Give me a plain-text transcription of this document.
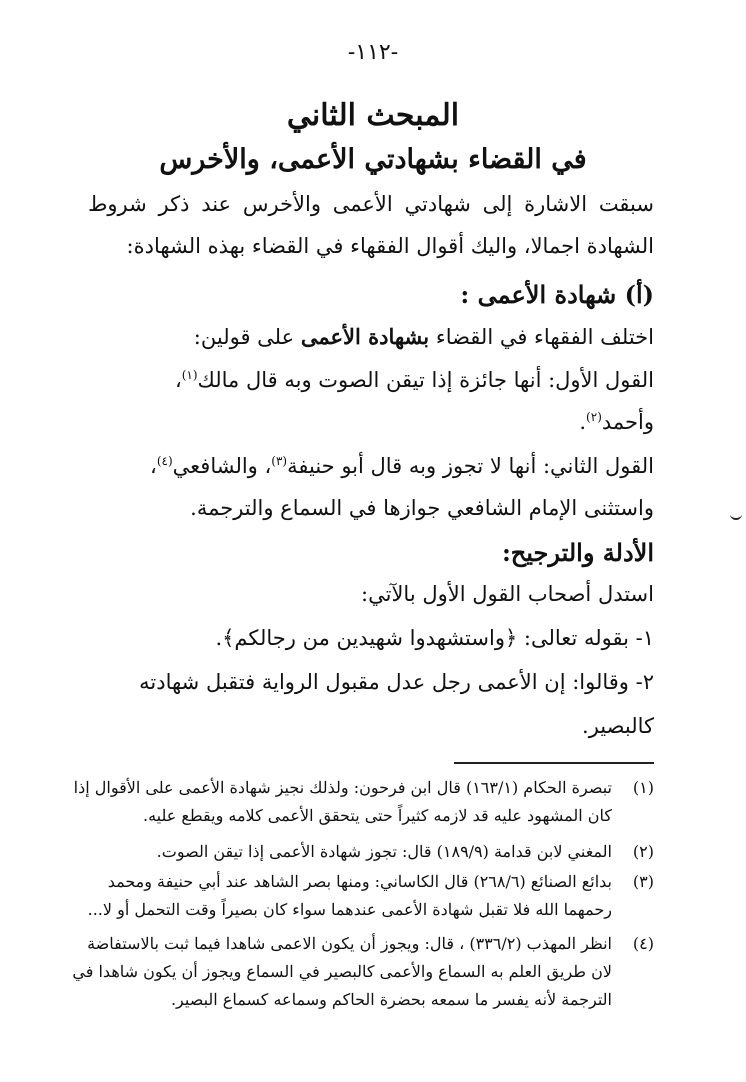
-١١٢-
المبحث الثاني
في القضاء بشهادتي الأعمى، والأخرس
سبقت الاشارة إلى شهادتي الأعمى والأخرس عند ذكر شروط
الشهادة اجمالا، واليك أقوال الفقهاء في القضاء بهذه الشهادة:
(أ) شهادة الأعمى :
اختلف الفقهاء في القضاء بشهادة الأعمى على قولين:
القول الأول: أنها جائزة إذا تيقن الصوت وبه قال مالك$^{(١)}$،
وأحمد$^{(٢)}$.
القول الثاني: أنها لا تجوز وبه قال أبو حنيفة$^{(٣)}$، والشافعي$^{(٤)}$،
واستثنى الإمام الشافعي جوازها في السماع والترجمة.
الأدلة والترجيح:
استدل أصحاب القول الأول بالآتي:
١- بقوله تعالى: ﴿واستشهدوا شهيدين من رجالكم﴾.
٢- وقالوا: إن الأعمى رجل عدل مقبول الرواية فتقبل شهادته
كالبصير.
(١)تبصرة الحكام (١٦٣/١) قال ابن فرحون: ولذلك نجيز شهادة الأعمى على الأقوال إذا
كان المشهود عليه قد لازمه كثيراً حتى يتحقق الأعمى كلامه ويقطع عليه.
(٢)المغني لابن قدامة (١٨٩/٩) قال: تجوز شهادة الأعمى إذا تيقن الصوت.
(٣)بدائع الصنائع (٢٦٨/٦) قال الكاساني: ومنها بصر الشاهد عند أبي حنيفة ومحمد
رحمهما الله فلا تقبل شهادة الأعمى عندهما سواء كان بصيراً وقت التحمل أو لا...
(٤)انظر المهذب (٣٣٦/٢) ، قال: ويجوز أن يكون الاعمى شاهدا فيما ثبت بالاستفاضة
لان طريق العلم به السماع والأعمى كالبصير في السماع ويجوز أن يكون شاهدا في
الترجمة لأنه يفسر ما سمعه بحضرة الحاكم وسماعه كسماع البصير.
